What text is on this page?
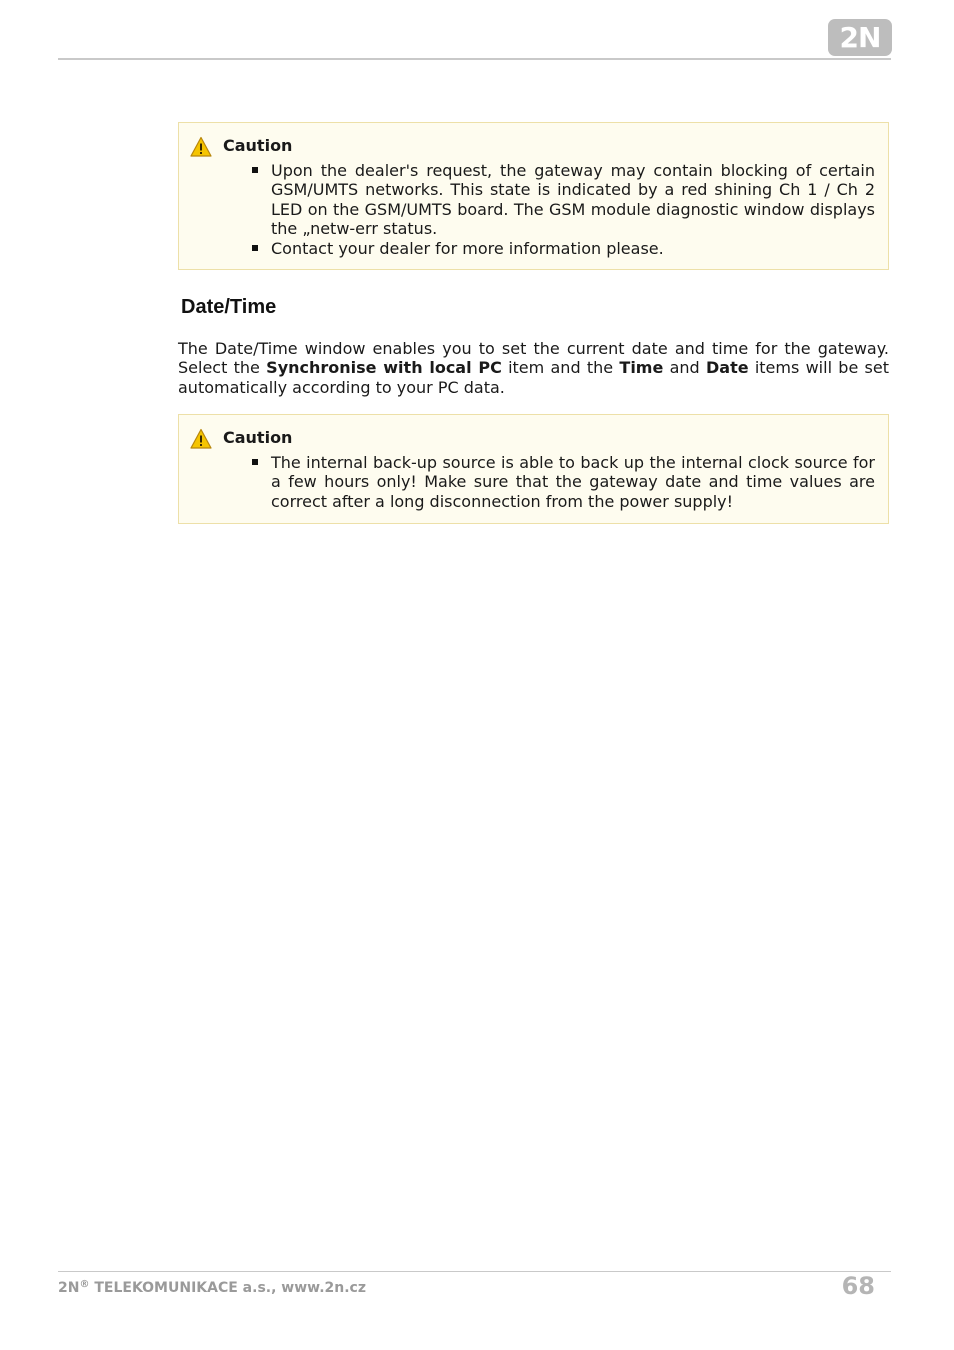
2N
Caution
Upon the dealer's request, the gateway may contain blocking of certain GSM/UMTS networks. This state is indicated by a red shining Ch 1 / Ch 2 LED on the GSM/UMTS board. The GSM module diagnostic window displays the „netw-err status.
Contact your dealer for more information please.
Date/Time

The Date/Time window enables you to set the current date and time for the gateway. Select the Synchronise with local PC item and the Time and Date items will be set automatically according to your PC data.

Caution
The internal back-up source is able to back up the internal clock source for a few hours only! Make sure that the gateway date and time values are correct after a long disconnection from the power supply!
2N® TELEKOMUNIKACE a.s., www.2n.cz	68
